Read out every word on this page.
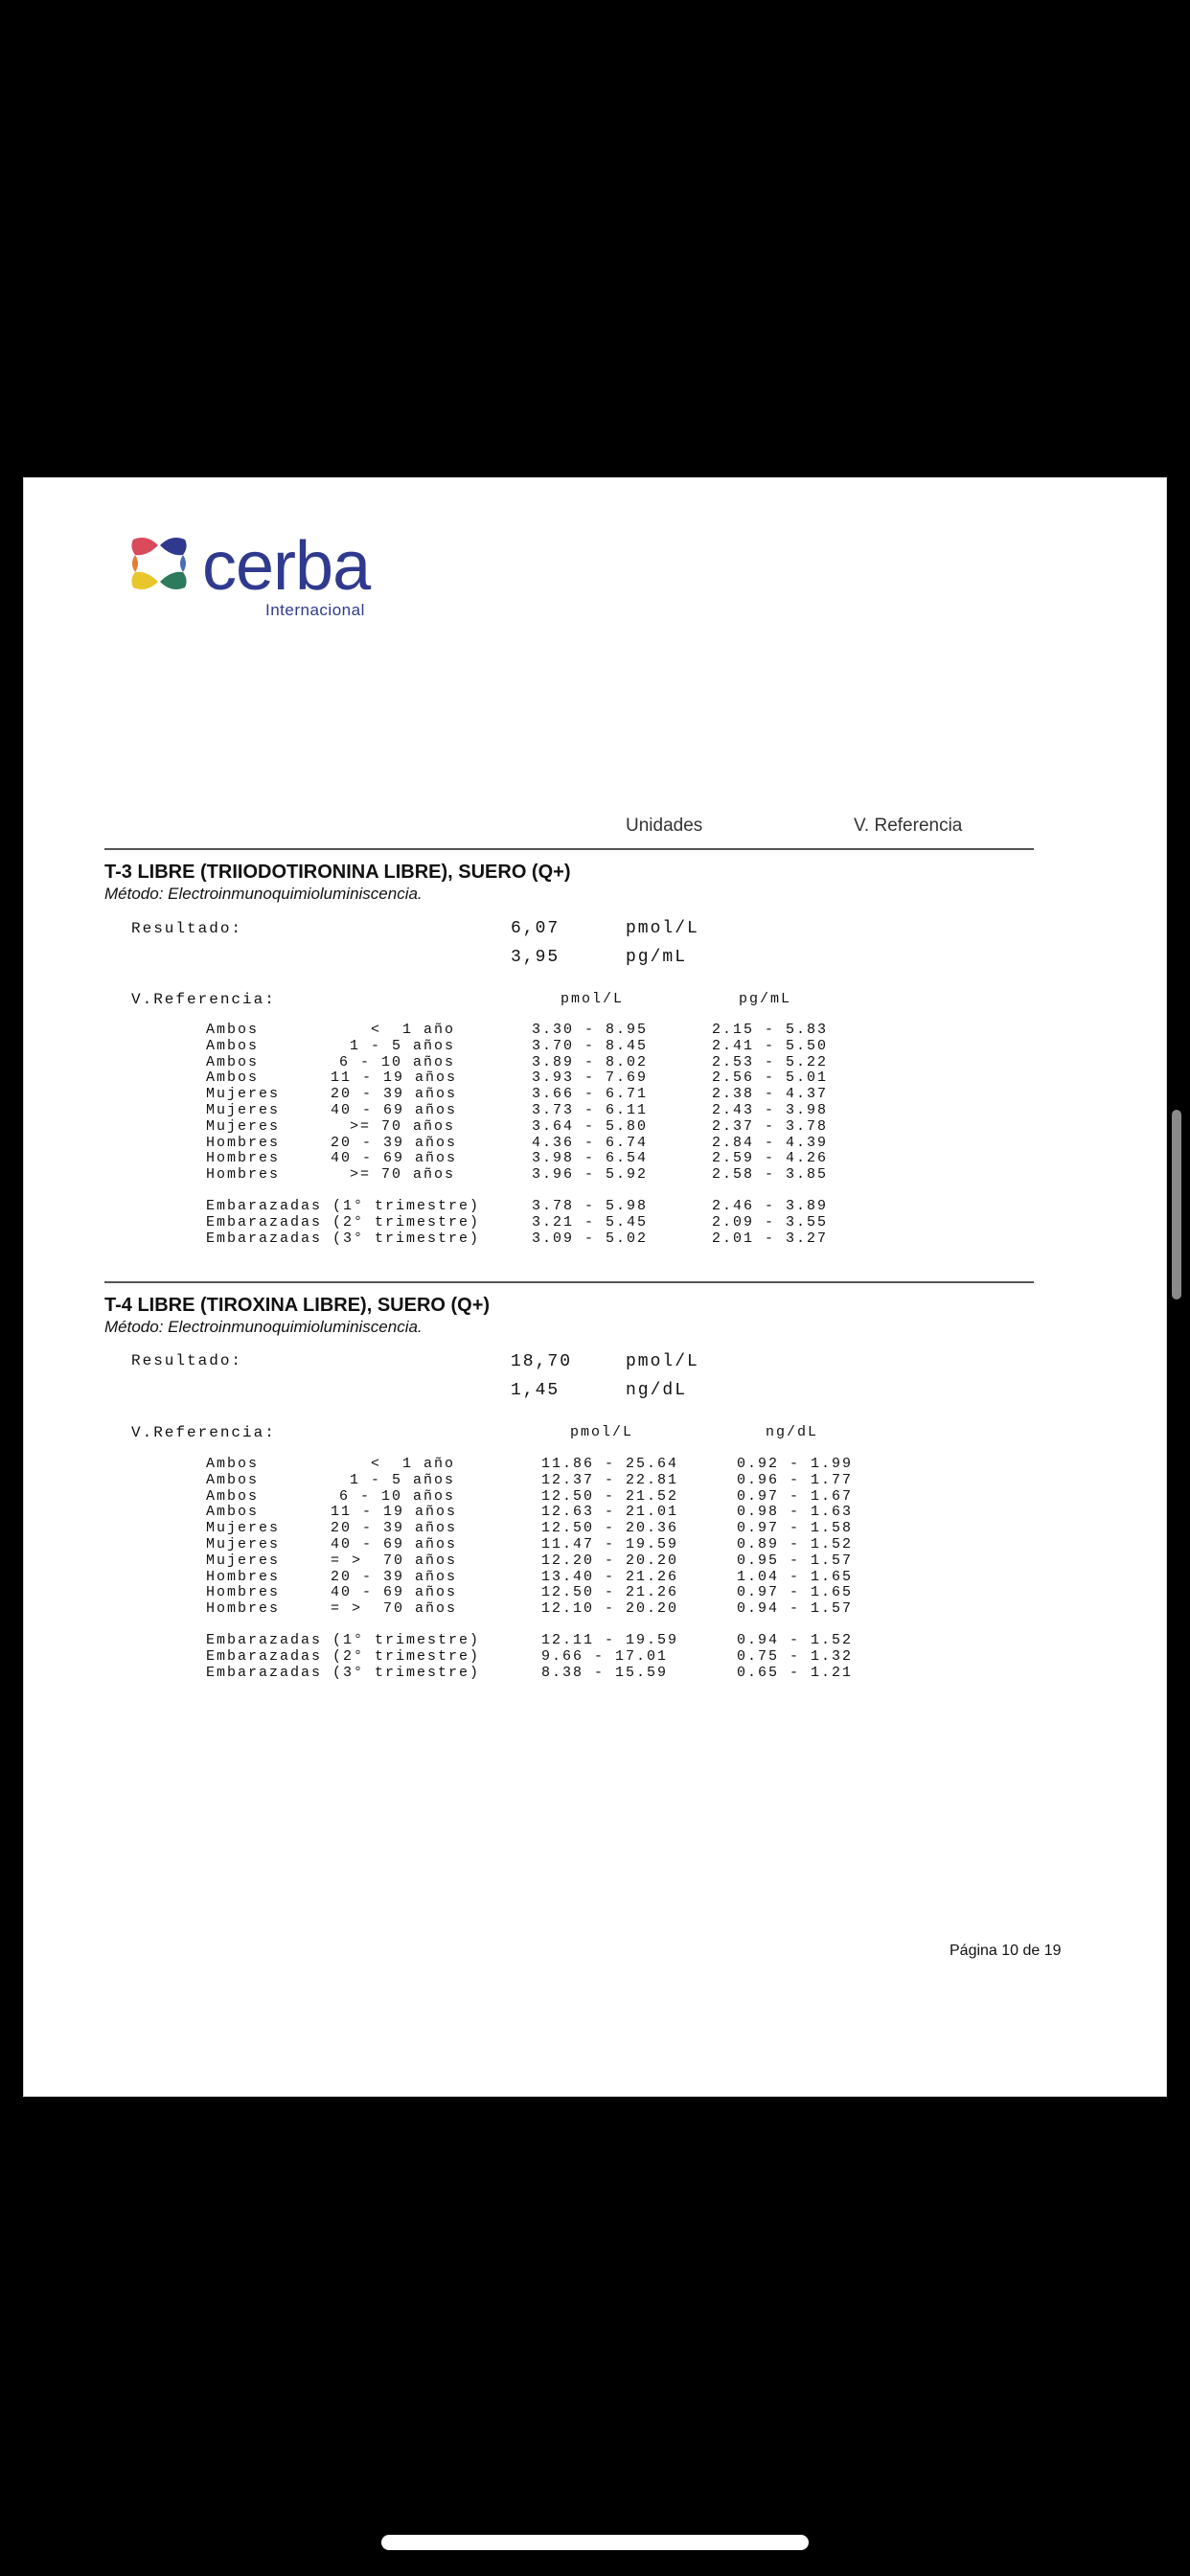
cerba
Internacional
Unidades	V. Referencia
T-3 LIBRE (TRIIODOTIRONINA LIBRE), SUERO (Q+)
Método: Electroinmunoquimioluminiscencia.
Resultado:	6,07	pmol/L
3,95	pg/mL
V.Referencia:	pmol/L	pg/mL
Ambos	<  1 año	3.30 - 8.95	2.15 - 5.83
Ambos	1 - 5 años	3.70 - 8.45	2.41 - 5.50
Ambos	6 - 10 años	3.89 - 8.02	2.53 - 5.22
Ambos	11 - 19 años	3.93 - 7.69	2.56 - 5.01
Mujeres	20 - 39 años	3.66 - 6.71	2.38 - 4.37
Mujeres	40 - 69 años	3.73 - 6.11	2.43 - 3.98
Mujeres	>= 70 años	3.64 - 5.80	2.37 - 3.78
Hombres	20 - 39 años	4.36 - 6.74	2.84 - 4.39
Hombres	40 - 69 años	3.98 - 6.54	2.59 - 4.26
Hombres	>= 70 años	3.96 - 5.92	2.58 - 3.85
Embarazadas (1° trimestre)	3.78 - 5.98	2.46 - 3.89
Embarazadas (2° trimestre)	3.21 - 5.45	2.09 - 3.55
Embarazadas (3° trimestre)	3.09 - 5.02	2.01 - 3.27
T-4 LIBRE (TIROXINA LIBRE), SUERO (Q+)
Método: Electroinmunoquimioluminiscencia.
Resultado:	18,70	pmol/L
1,45	ng/dL
V.Referencia:	pmol/L	ng/dL
Ambos	<  1 año	11.86 - 25.64	0.92 - 1.99
Ambos	1 - 5 años	12.37 - 22.81	0.96 - 1.77
Ambos	6 - 10 años	12.50 - 21.52	0.97 - 1.67
Ambos	11 - 19 años	12.63 - 21.01	0.98 - 1.63
Mujeres	20 - 39 años	12.50 - 20.36	0.97 - 1.58
Mujeres	40 - 69 años	11.47 - 19.59	0.89 - 1.52
Mujeres	= >  70 años	12.20 - 20.20	0.95 - 1.57
Hombres	20 - 39 años	13.40 - 21.26	1.04 - 1.65
Hombres	40 - 69 años	12.50 - 21.26	0.97 - 1.65
Hombres	= >  70 años	12.10 - 20.20	0.94 - 1.57
Embarazadas (1° trimestre)	12.11 - 19.59	0.94 - 1.52
Embarazadas (2° trimestre)	9.66 - 17.01	0.75 - 1.32
Embarazadas (3° trimestre)	8.38 - 15.59	0.65 - 1.21
Página 10 de 19
